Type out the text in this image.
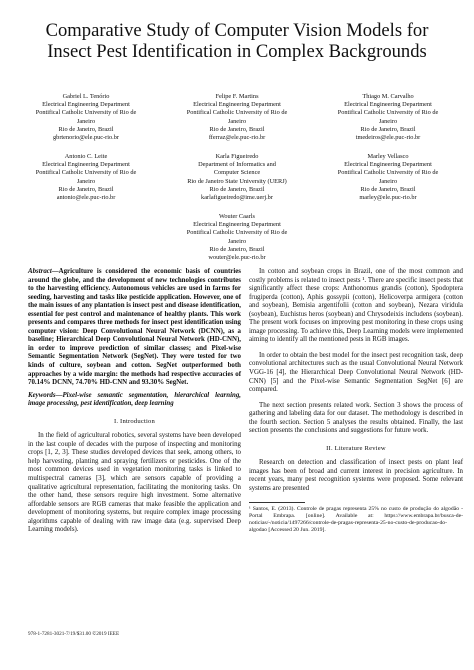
Comparative Study of Computer Vision Models for
Insect Pest Identification in Complex Backgrounds
Gabriel L. Tenório
Electrical Engineering Department
Pontifical Catholic University of Rio de
Janeiro
Rio de Janeiro, Brazil
gbrtenorio@ele.puc-rio.br
Felipe F. Martins
Electrical Engineering Department
Pontifical Catholic University of Rio de
Janeiro
Rio de Janeiro, Brazil
fferraz@ele.puc-rio.br
Thiago M. Carvalho
Electrical Engineering Department
Pontifical Catholic University of Rio de
Janeiro
Rio de Janeiro, Brazil
tmedeiros@ele.puc-rio.br
Antonio C. Leite
Electrical Engineering Department
Pontifical Catholic University of Rio de
Janeiro
Rio de Janeiro, Brazil
antonio@ele.puc-rio.br
Karla Figueiredo
Department of Informatics and
Computer Science
Rio de Janeiro State University (UERJ)
Rio de Janeiro, Brazil
karlafigueiredo@ime.uerj.br
Marley Vellasco
Electrical Engineering Department
Pontifical Catholic University of Rio de
Janeiro
Rio de Janeiro, Brazil
marley@ele.puc-rio.br
Wouter Caarls
Electrical Engineering Department
Pontifical Catholic University of Rio de
Janeiro
Rio de Janeiro, Brazil
wouter@ele.puc-rio.br

Abstract—Agriculture is considered the economic basis of countries around the globe, and the development of new technologies contributes to the harvesting efficiency. Autonomous vehicles are used in farms for seeding, harvesting and tasks like pesticide application. However, one of the main issues of any plantation is insect pest and disease identification, essential for pest control and maintenance of healthy plants. This work presents and compares three methods for insect pest identification using computer vision: Deep Convolutional Neural Network (DCNN), as a baseline; Hierarchical Deep Convolutional Neural Network (HD-CNN), in order to improve prediction of similar classes; and Pixel-wise Semantic Segmentation Network (SegNet). They were tested for two kinds of culture, soybean and cotton. SegNet outperformed both approaches by a wide margin: the methods had respective accuracies of 70.14% DCNN, 74.70% HD-CNN and 93.30% SegNet.

Keywords—Pixel-wise semantic segmentation, hierarchical learning, image processing, pest identification, deep learning

I. Introduction

In the field of agricultural robotics, several systems have been developed in the last couple of decades with the purpose of inspecting and monitoring crops [1, 2, 3]. These studies developed devices that seek, among others, to help harvesting, planting and spraying fertilizers or pesticides. One of the most common devices used in vegetation monitoring tasks is linked to multispectral cameras [3], which are sensors capable of providing a qualitative agricultural representation, facilitating the monitoring tasks. On the other hand, these sensors require high investment. Some alternative affordable sensors are RGB cameras that make feasible the application and development of monitoring systems, but require complex image processing algorithms capable of dealing with raw image data (e.g. supervised Deep Learning models).

In cotton and soybean crops in Brazil, one of the most common and costly problems is related to insect pests ¹. There are specific insect pests that significantly affect these crops: Anthonomus grandis (cotton), Spodoptera frugiperda (cotton), Aphis gossypii (cotton), Helicoverpa armigera (cotton and soybean), Bemisia argentifolii (cotton and soybean), Nezara viridula (soybean), Euchistus heros (soybean) and Chrysodeixis includens (soybean). The present work focuses on improving pest monitoring in these crops using image processing. To achieve this, Deep Learning models were implemented aiming to identify all the mentioned pests in RGB images.

In order to obtain the best model for the insect pest recognition task, deep convolutional architectures such as the usual Convolutional Neural Network VGG-16 [4], the Hierarchical Deep Convolutional Neural Network (HD-CNN) [5] and the Pixel-wise Semantic Segmentation SegNet [6] are compared.

The next section presents related work. Section 3 shows the process of gathering and labeling data for our dataset. The methodology is described in the fourth section. Section 5 analyses the results obtained. Finally, the last section presents the conclusions and suggestions for future work.

II. Literature Review

Research on detection and classification of insect pests on plant leaf images has been of broad and current interest in precision agriculture. In recent years, many pest recognition systems were proposed. Some relevant systems are presented

¹ Santos, E. (2013). Controle de pragas representa 25% no custo de produção do algodão - Portal Embrapa. [online]. Available at: https://www.embrapa.br/busca-de-noticias/-/noticia/1497266/controle-de-pragas-representa-25-no-custo-de-producao-do-algodao [Accessed 20 Jun. 2019].

978-1-7281-3021-7/19/$31.00 ©2019 IEEE
